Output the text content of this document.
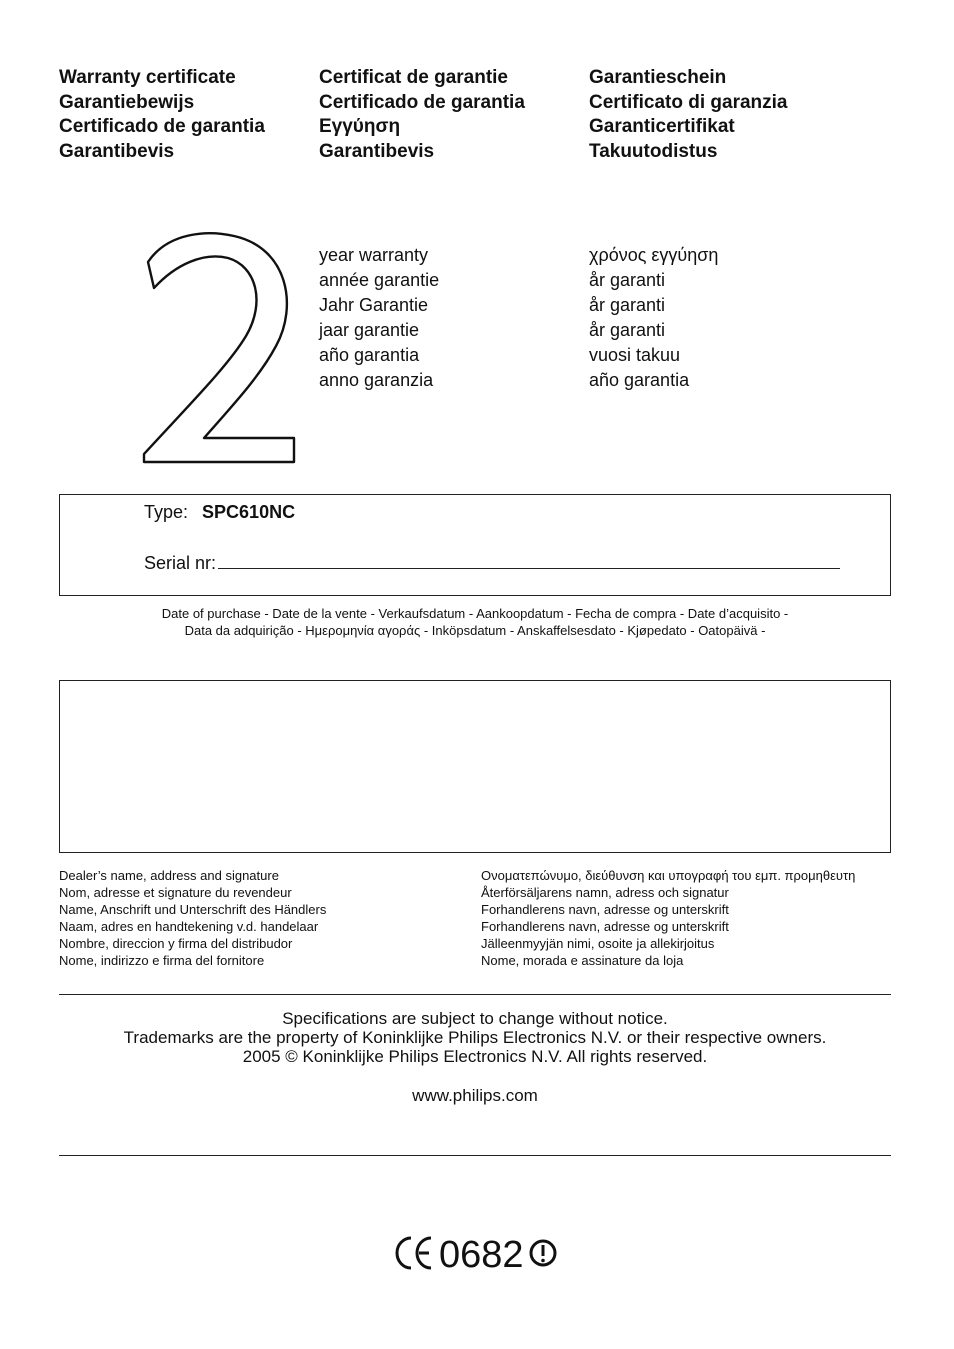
Warranty certificate
Garantiebewijs
Certificado de garantia
Garantibevis
Certificat de garantie
Certificado de garantia
Εγγύηση
Garantibevis
Garantieschein
Certificato di garanzia
Garanticertifikat
Takuutodistus
year warranty
année garantie
Jahr Garantie
jaar garantie
año garantia
anno garanzia
χρόνος εγγύηση
år garanti
år garanti
år garanti
vuosi takuu
año garantia
Type: SPC610NC
Serial nr:
Date of purchase - Date de la vente - Verkaufsdatum - Aankoopdatum - Fecha de compra - Date d’acquisito -
Data da adquirição - Ημερομηνία αγοράς - Inköpsdatum - Anskaffelsesdato - Kjøpedato - Oatopäivä -
Dealer’s name, address and signature
Nom, adresse et signature du revendeur
Name, Anschrift und Unterschrift des Händlers
Naam, adres en handtekening v.d. handelaar
Nombre, direccion y firma del distribudor
Nome, indirizzo e firma del fornitore
Ονοματεπώνυμο, διεύθυνση και υπογραφή του εμπ. προμηθευτη
Återförsäljarens namn, adress och signatur
Forhandlerens navn, adresse og unterskrift
Forhandlerens navn, adresse og unterskrift
Jälleenmyyjän nimi, osoite ja allekirjoitus
Nome, morada e assinature da loja
Specifications are subject to change without notice.
Trademarks are the property of Koninklijke Philips Electronics N.V. or their respective owners.
2005 © Koninklijke Philips Electronics N.V. All rights reserved.
www.philips.com
0682
